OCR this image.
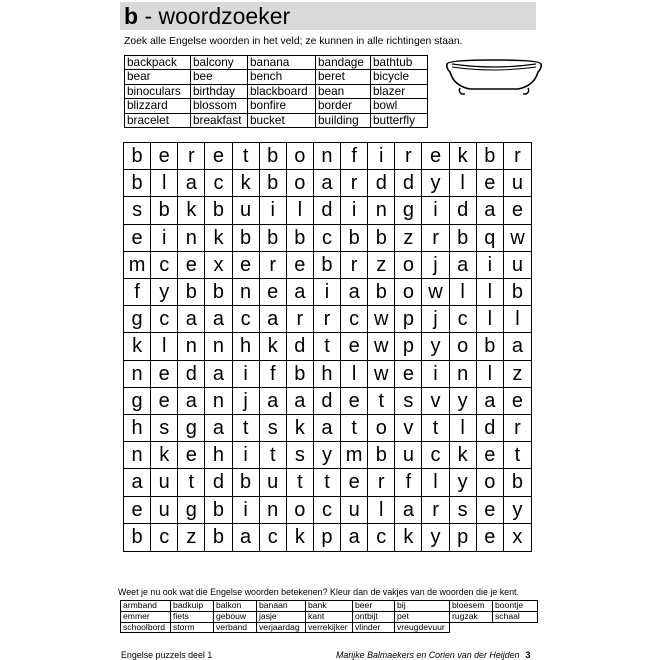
b - woordzoeker
Zoek alle Engelse woorden in het veld; ze kunnen in alle richtingen staan.
backpack	balcony	banana	bandage	bathtub
bear	bee	bench	beret	bicycle
binoculars	birthday	blackboard	bean	blazer
blizzard	blossom	bonfire	border	bowl
bracelet	breakfast	bucket	building	butterfly
b e r e t b o n f	i	r e k b r
b l a c k b o a r d d y l e u
s b k b u i	l d i n g i d a e
e i n k b b b c b b z r b q w
m c e x e r e b r z o j a i u
f y b b n e a i a b o w l	l b
g c a a c a r	r c w p j c l	l
k l n n h k d t e w p y o b a
n e d a i	f b h l w e i n l	z
g e a n j a a d e t s v y a e
h s g a t s k a t o v t	l d r
n k e h i	t s y m b u c k e t
a u t d b u t	t e r	f	l y o b
e u g b i n o c u l a r s e y
b c z b a c k p a c k y p e x
Weet je nu ook wat die Engelse woorden betekenen? Kleur dan de vakjes van de woorden die je kent.
armband	badkuip	balkon	banaan	bank	beer	bij	bloesem	boontje
emmer	fiets	gebouw	jasje	kant	ontbijt	pet	rugzak	schaal
schoolbord	storm	verband	verjaardag	verrekijker	vlinder	vreugdevuur		
Engelse puzzels deel 1	Marijke Balmaekers en Corien van der Heijden 3
